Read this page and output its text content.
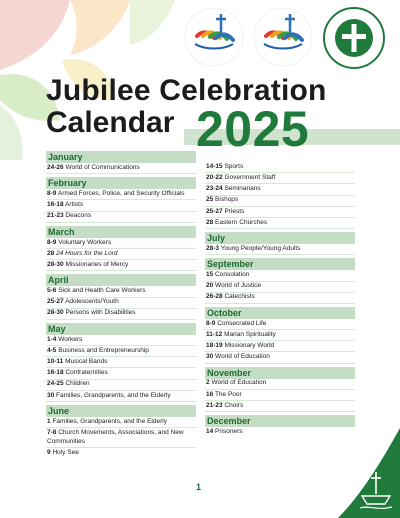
Jubilee Celebration
Calendar 2025
January
24-26 World of Communications
February
8-9 Armed Forces, Police, and Security Officials
16-18 Artists
21-23 Deacons
March
8-9 Voluntary Workers
28 24 Hours for the Lord
28-30 Missionaries of Mercy
April
5-6 Sick and Health Care Workers
25-27 Adolescents/Youth
28-30 Persons with Disabilities
May
1-4 Workers
4-5 Business and Entrepreneurship
10-11 Musical Bands
16-18 Confraternities
24-25 Children
30 Families, Grandparents, and the Elderly
June
1 Families, Grandparents, and the Elderly
7-8 Church Movements, Associations, and New Communities
9 Holy See
14-15 Sports
20-22 Government Staff
23-24 Seminarians
25 Bishops
25-27 Priests
28 Eastern Churches
July
28-3 Young People/Young Adults
September
15 Consolation
20 World of Justice
26-28 Catechists
October
8-9 Consecrated Life
11-12 Marian Spirituality
18-19 Missionary World
30 World of Education
November
2 World of Education
16 The Poor
21-23 Choirs
December
14 Prisoners
1
